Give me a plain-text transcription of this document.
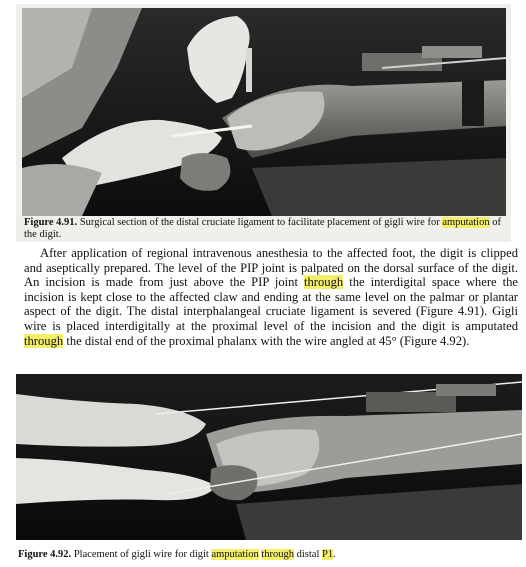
Figure 4.91. Surgical section of the distal cruciate ligament to facilitate placement of gigli wire for amputation of the digit.

After application of regional intravenous anesthesia to the affected foot, the digit is clipped and aseptically prepared. The level of the PIP joint is palpated on the dorsal surface of the digit. An incision is made from just above the PIP joint through the interdigital space where the incision is kept close to the affected claw and ending at the same level on the palmar or plantar aspect of the digit. The distal interphalangeal cruciate ligament is severed (Figure 4.91). Gigli wire is placed interdigitally at the proximal level of the incision and the digit is amputated through the distal end of the proximal phalanx with the wire angled at 45° (Figure 4.92).

Figure 4.92. Placement of gigli wire for digit amputation through distal P1.
